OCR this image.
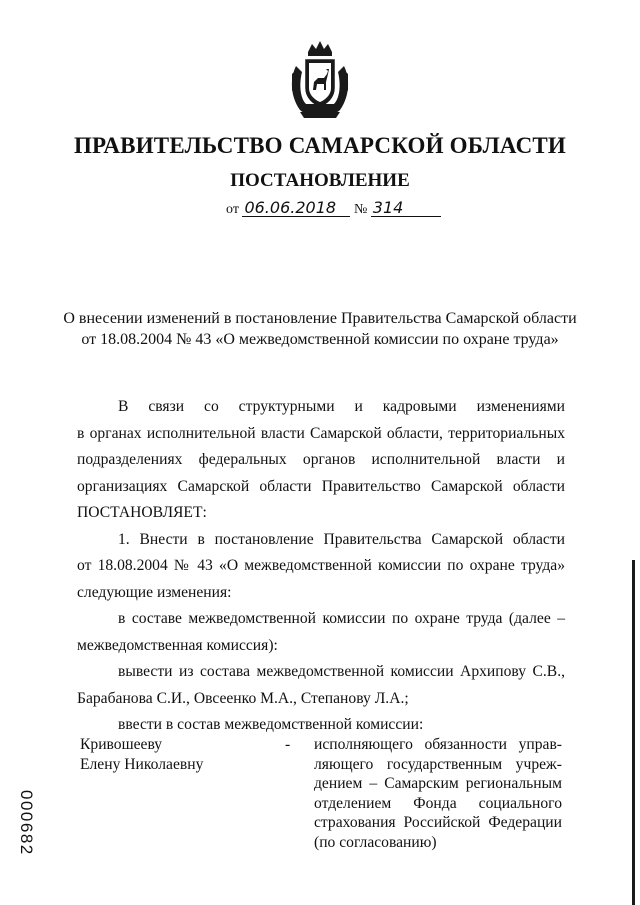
ПРАВИТЕЛЬСТВО САМАРСКОЙ ОБЛАСТИ
ПОСТАНОВЛЕНИЕ
от 06.06.2018 № 314
О внесении изменений в постановление Правительства Самарской области
от 18.08.2004 № 43 «О межведомственной комиссии по охране труда»

В связи со структурными и кадровыми изменениями

в органах исполнительной власти Самарской области, территориальных

подразделениях федеральных органов исполнительной власти и

организациях Самарской области Правительство Самарской области

ПОСТАНОВЛЯЕТ:

1. Внести в постановление Правительства Самарской области

от 18.08.2004 № 43 «О межведомственной комиссии по охране труда»

следующие изменения:

в составе межведомственной комиссии по охране труда (далее –

межведомственная комиссия):

вывести из состава межведомственной комиссии Архипову С.В.,

Барабанова С.И., Овсеенко М.А., Степанову Л.А.;

ввести в состав межведомственной комиссии:

Кривошееву
Елену Николаевну
- исполняющего обязанности управ-
ляющего государственным учреж-
дением – Самарским региональным
отделением Фонда социального
страхования Российской Федерации
(по согласованию)
000682
